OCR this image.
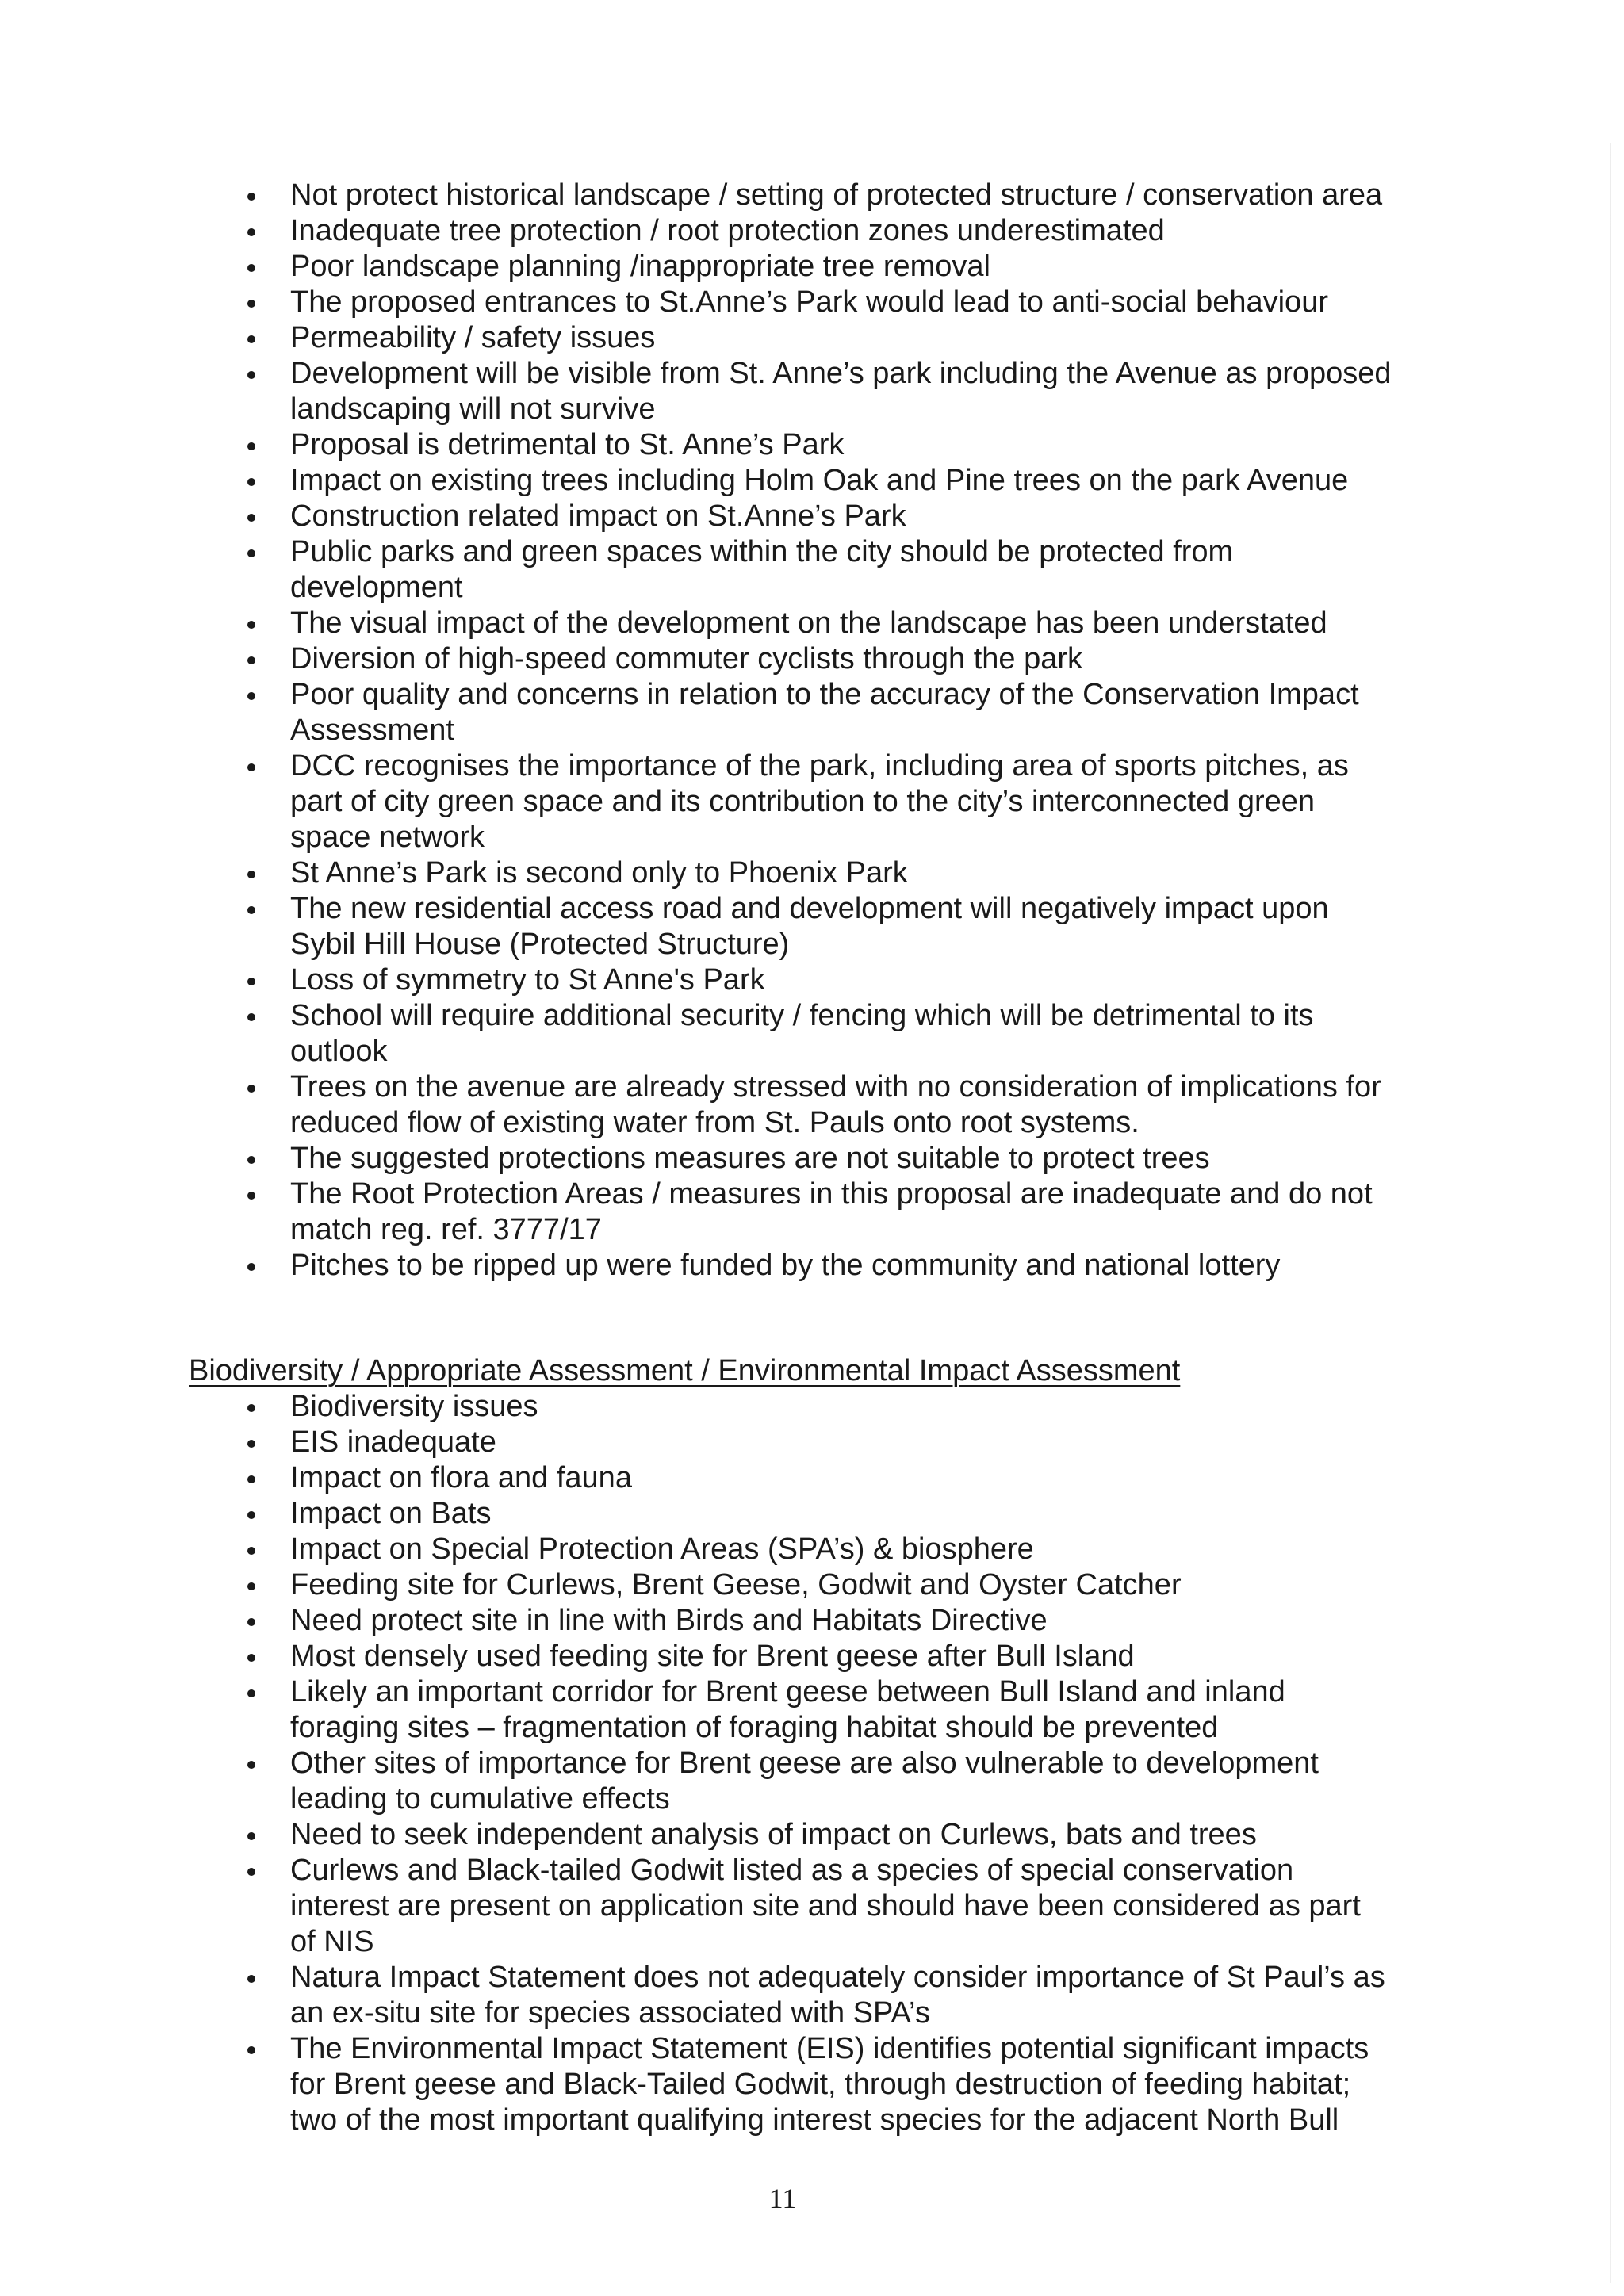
Not protect historical landscape / setting of protected structure / conservation area
Inadequate tree protection / root protection zones underestimated
Poor landscape planning /inappropriate tree removal
The proposed entrances to St.Anne’s Park would lead to anti-social behaviour
Permeability / safety issues
Development will be visible from St. Anne’s park including the Avenue as proposed landscaping will not survive
Proposal is detrimental to St. Anne’s Park
Impact on existing trees including Holm Oak and Pine trees on the park Avenue
Construction related impact on St.Anne’s Park
Public parks and green spaces within the city should be protected from development
The visual impact of the development on the landscape has been understated
Diversion of high-speed commuter cyclists through the park
Poor quality and concerns in relation to the accuracy of the Conservation Impact Assessment
DCC recognises the importance of the park, including area of sports pitches, as part of city green space and its contribution to the city’s interconnected green space network
St Anne’s Park is second only to Phoenix Park
The new residential access road and development will negatively impact upon Sybil Hill House (Protected Structure)
Loss of symmetry to St Anne's Park
School will require additional security / fencing which will be detrimental to its outlook
Trees on the avenue are already stressed with no consideration of implications for reduced flow of existing water from St. Pauls onto root systems.
The suggested protections measures are not suitable to protect trees
The Root Protection Areas / measures in this proposal are inadequate and do not match reg. ref. 3777/17
Pitches to be ripped up were funded by the community and national lottery
Biodiversity / Appropriate Assessment / Environmental Impact Assessment
Biodiversity issues
EIS inadequate
Impact on flora and fauna
Impact on Bats
Impact on Special Protection Areas (SPA’s) & biosphere
Feeding site for Curlews, Brent Geese, Godwit and Oyster Catcher
Need protect site in line with Birds and Habitats Directive
Most densely used feeding site for Brent geese after Bull Island
Likely an important corridor for Brent geese between Bull Island and inland foraging sites – fragmentation of foraging habitat should be prevented
Other sites of importance for Brent geese are also vulnerable to development leading to cumulative effects
Need to seek independent analysis of impact on Curlews, bats and trees
Curlews and Black-tailed Godwit listed as a species of special conservation interest are present on application site and should have been considered as part of NIS
Natura Impact Statement does not adequately consider importance of St Paul’s as an ex-situ site for species associated with SPA’s
The Environmental Impact Statement (EIS) identifies potential significant impacts for Brent geese and Black-Tailed Godwit, through destruction of feeding habitat; two of the most important qualifying interest species for the adjacent North Bull
11
